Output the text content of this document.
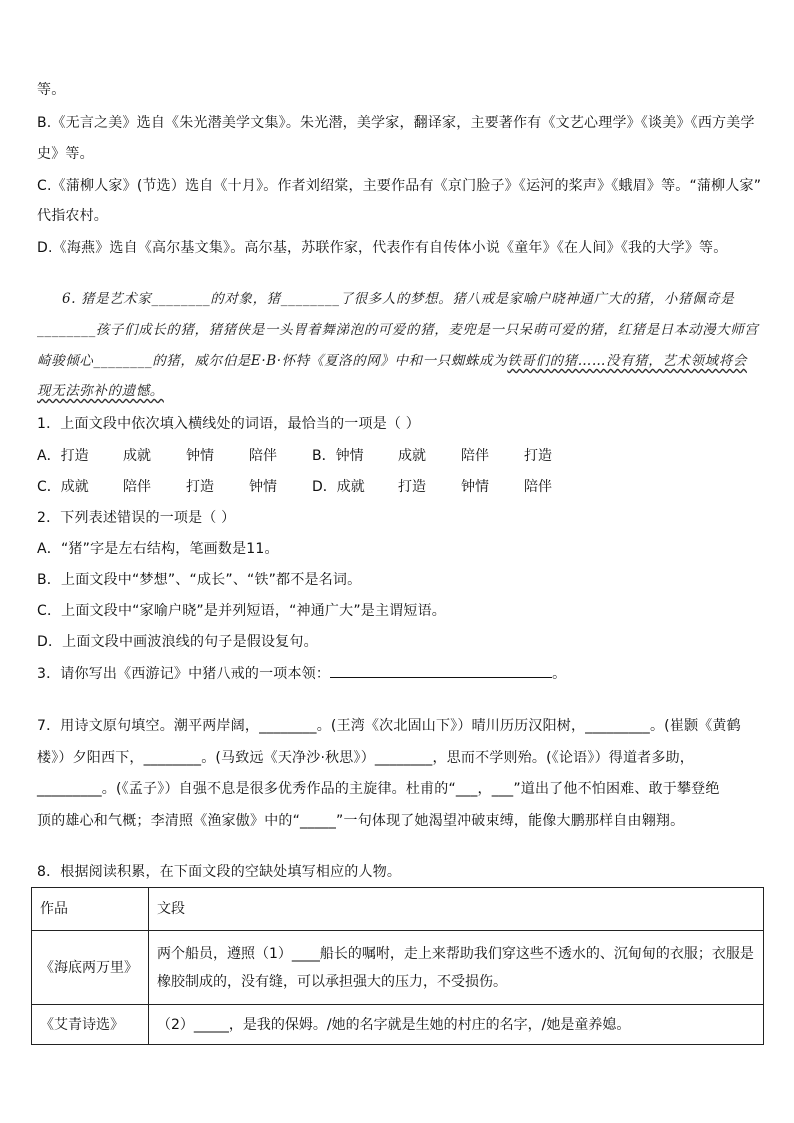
等。
B.《无言之美》选自《朱光潜美学文集》。朱光潜，美学家，翻译家，主要著作有《文艺心理学》《谈美》《西方美学
史》等。
C.《蒲柳人家》(节选）选自《十月》。作者刘绍棠，主要作品有《京门脸子》《运河的桨声》《蛾眉》等。“蒲柳人家”
代指农村。
D.《海燕》选自《高尔基文集》。高尔基，苏联作家，代表作有自传体小说《童年》《在人间》《我的大学》等。
6. 猪是艺术家________的对象，猪________了很多人的梦想。猪八戒是家喻户晓神通广大的猪，小猪佩奇是
________孩子们成长的猪，猪猪侠是一头胃着舞涕泡的可爱的猪，麦兜是一只呆萌可爱的猪，红猪是日本动漫大师宫
崎骏倾心________的猪，威尔伯是E·B·怀特《夏洛的网》中和一只蜘蛛成为铁哥们的猪……没有猪，艺术领域将会
现无法弥补的遗憾。
1．上面文段中依次填入横线处的词语，最恰当的一项是（ ）
A．打造 成就	钟情	陪伴	B．钟情 成就	陪伴	打造
C．成就 陪伴	打造	钟情	D．成就 打造	钟情	陪伴
2．下列表述错误的一项是（ ）
A．“猪”字是左右结构，笔画数是11。
B．上面文段中“梦想”、“成长”、“铁”都不是名词。
C．上面文段中“家喻户晓”是并列短语，“神通广大”是主谓短语。
D．上面文段中画波浪线的句子是假设复句。
3．请你写出《西游记》中猪八戒的一项本领：	。
7．用诗文原句填空。潮平两岸阔，________。(王湾《次北固山下》）晴川历历汉阳树，_________。(崔颢《黄鹤
楼》）夕阳西下，________。(马致远《天净沙·秋思》）________，思而不学则殆。(《论语》）得道者多助，
_________。(《孟子》）自强不息是很多优秀作品的主旋律。杜甫的“___，___”道出了他不怕困难、敢于攀登绝
顶的雄心和气概；李清照《渔家傲》中的“_____”一句体现了她渴望冲破束缚，能像大鹏那样自由翱翔。
8．根据阅读积累，在下面文段的空缺处填写相应的人物。
作品	文段
《海底两万里》	两个船员，遵照（1）____船长的嘱咐，走上来帮助我们穿这些不透水的、沉甸甸的衣服；衣服是
橡胶制成的，没有缝，可以承担强大的压力，不受损伤。

《艾青诗选》	（2）_____，是我的保姆。/她的名字就是生她的村庄的名字，/她是童养媳。
